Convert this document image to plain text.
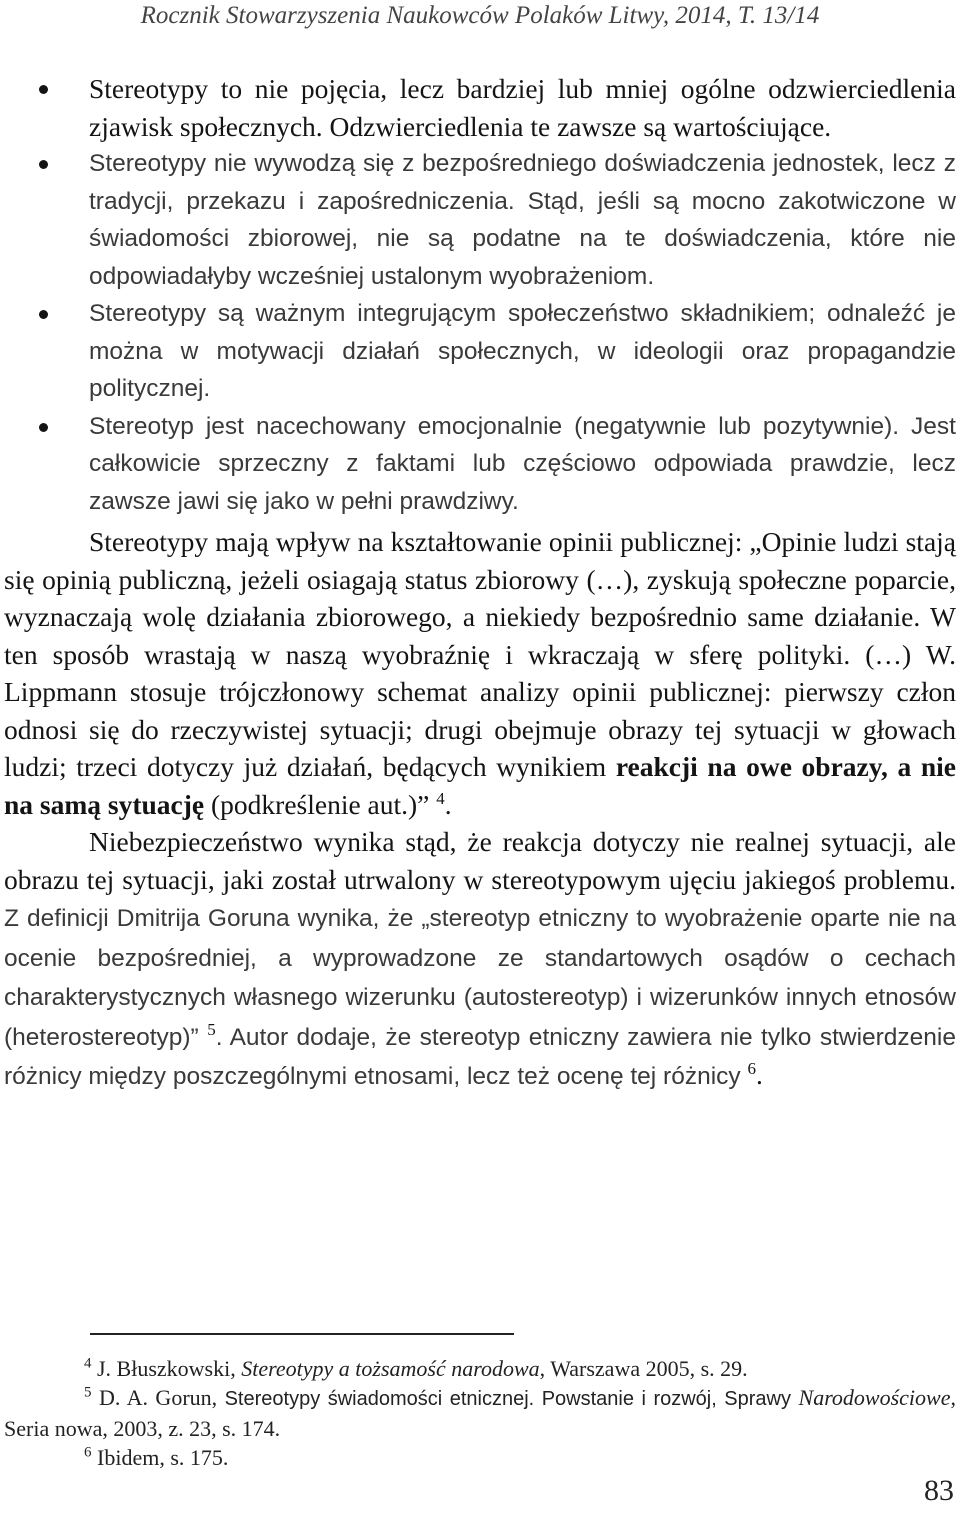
Rocznik Stowarzyszenia Naukowców Polaków Litwy, 2014, T. 13/14
Stereotypy to nie pojęcia, lecz bardziej lub mniej ogólne odzwierciedlenia zjawisk społecznych. Odzwierciedlenia te zawsze są wartościujące.
Stereotypy nie wywodzą się z bezpośredniego doświadczenia jednostek, lecz z tradycji, przekazu i zapośredniczenia. Stąd, jeśli są mocno zakotwiczone w świadomości zbiorowej, nie są podatne na te doświadczenia, które nie odpowiadałyby wcześniej ustalonym wyobrażeniom.
Stereotypy są ważnym integrującym społeczeństwo składnikiem; odnaleźć je można w motywacji działań społecznych, w ideologii oraz propagandzie politycznej.
Stereotyp jest nacechowany emocjonalnie (negatywnie lub pozytywnie). Jest całkowicie sprzeczny z faktami lub częściowo odpowiada prawdzie, lecz zawsze jawi się jako w pełni prawdziwy.

Stereotypy mają wpływ na kształtowanie opinii publicznej: „Opinie ludzi stają się opinią publiczną, jeżeli osiagają status zbiorowy (…), zyskują społeczne poparcie, wyznaczają wolę działania zbiorowego, a niekiedy bezpośrednio same działanie. W ten sposób wrastają w naszą wyobraźnię i wkraczają w sferę polityki. (…) W. Lippmann stosuje trójczłonowy schemat analizy opinii publicznej: pierwszy człon odnosi się do rzeczywistej sytuacji; drugi obejmuje obrazy tej sytuacji w głowach ludzi; trzeci dotyczy już działań, będących wynikiem reakcji na owe obrazy, a nie na samą sytuację (podkreślenie aut.)” $^4$.

Niebezpieczeństwo wynika stąd, że reakcja dotyczy nie realnej sytuacji, ale obrazu tej sytuacji, jaki został utrwalony w stereotypowym ujęciu jakiegoś problemu. Z definicji Dmitrija Goruna wynika, że „stereotyp etniczny to wyobrażenie oparte nie na ocenie bezpośredniej, a wyprowadzone ze standartowych osądów o cechach charakterystycznych własnego wizerunku (autostereotyp) i wizerunków innych etnosów (heterostereotyp)” $^5$. Autor dodaje, że stereotyp etniczny zawiera nie tylko stwierdzenie różnicy między poszczególnymi etnosami, lecz też ocenę tej różnicy $^6$.

$^4$ J. Błuszkowski, Stereotypy a tożsamość narodowa, Warszawa 2005, s. 29.

$^5$ D. A. Gorun, Stereotypy świadomości etnicznej. Powstanie i rozwój, Sprawy Narodowościowe, Seria nowa, 2003, z. 23, s. 174.

$^6$ Ibidem, s. 175.

83
